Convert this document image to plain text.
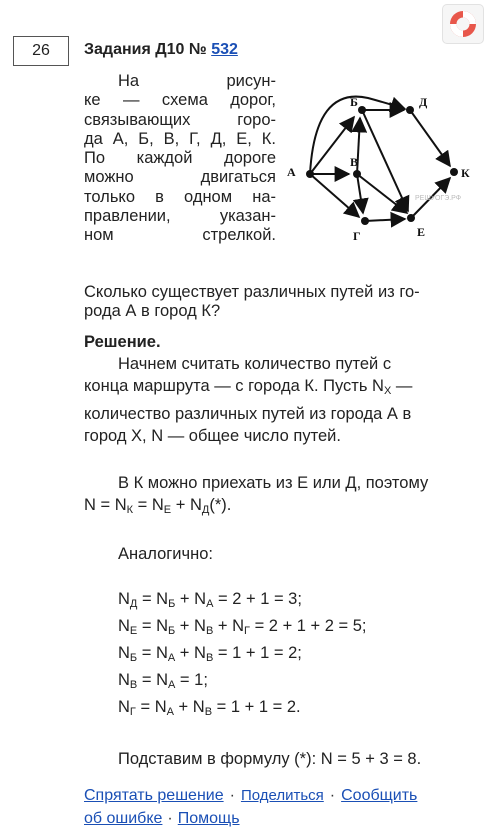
26	Задания Д10 № 532
А
Б
В
Г
Д
Е
К
РЕШУОГЭ.РФ

На рисун-
ке — схема дорог,
связывающих горо-
да А, Б, В, Г, Д, Е, К.
По каждой дороге
можно двигаться
только в одном на-
правлении, указан-
ном стрелкой.

Сколько существует различных путей из го-
рода А в город К?
Решение.
Начнем считать количество путей с
конца маршрута — с города К. Пусть $N_X$ —
количество различных путей из города А в
город X, N — общее число путей.
В К можно приехать из Е или Д, поэтому
$N = N_К = N_Е + N_Д(*)$.
Аналогично:
$N_Д = N_Б + N_А = 2 + 1 = 3$;
$N_Е = N_Б + N_В + N_Г = 2 + 1 + 2 = 5$;
$N_Б = N_А + N_В = 1 + 1 = 2$;
$N_В = N_А = 1$;
$N_Г = N_А + N_В = 1 + 1 = 2$.
Подставим в формулу (*): N = 5 + 3 = 8.
Спрятать решение · Поделиться · Сообщить
об ошибке · Помощь
